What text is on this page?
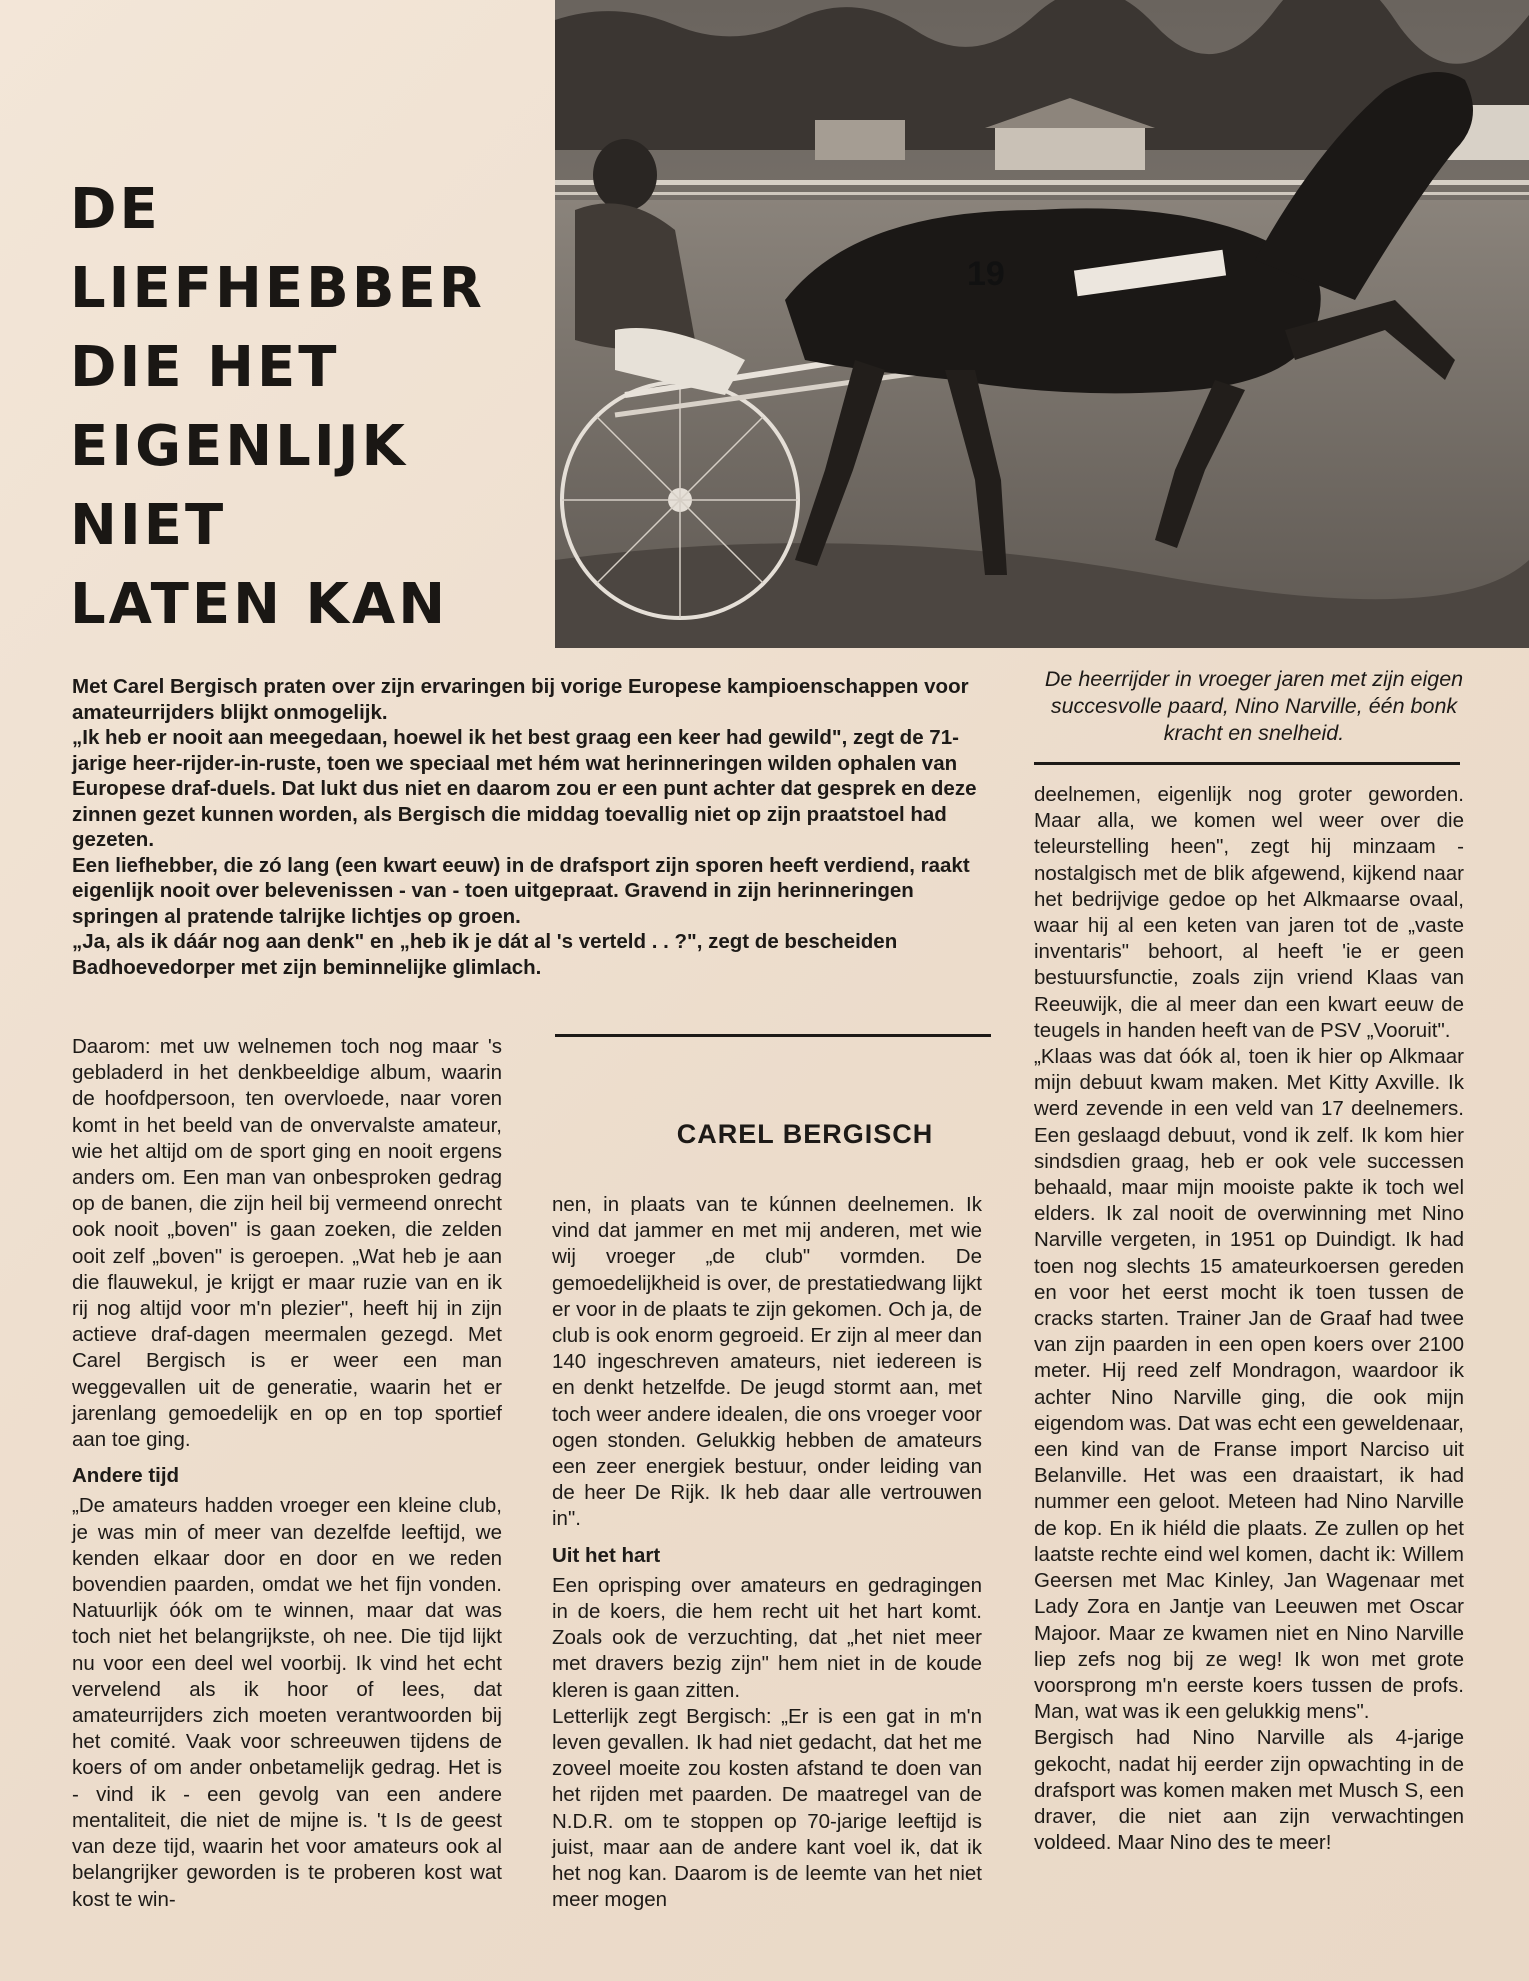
DE
LIEFHEBBER
DIE HET
EIGENLIJK
NIET
LATEN KAN
19

Met Carel Bergisch praten over zijn ervaringen bij vorige Europese kampioenschappen voor amateurrijders blijkt onmogelijk.

„Ik heb er nooit aan meegedaan, hoewel ik het best graag een keer had gewild", zegt de 71-jarige heer-rijder-in-ruste, toen we speciaal met hém wat herinneringen wilden ophalen van Europese draf-duels. Dat lukt dus niet en daarom zou er een punt achter dat gesprek en deze zinnen gezet kunnen worden, als Bergisch die middag toevallig niet op zijn praatstoel had gezeten.

Een liefhebber, die zó lang (een kwart eeuw) in de drafsport zijn sporen heeft verdiend, raakt eigenlijk nooit over belevenissen - van - toen uitgepraat. Gravend in zijn herinneringen springen al pratende talrijke lichtjes op groen.

„Ja, als ik dáár nog aan denk" en „heb ik je dát al 's verteld . . ?", zegt de bescheiden Badhoevedorper met zijn beminnelijke glimlach.

De heerrijder in vroeger jaren met zijn eigen succesvolle paard, Nino Narville, één bonk kracht en snelheid.

CAREL BERGISCH

Daarom: met uw welnemen toch nog maar 's gebladerd in het denkbeeldige album, waarin de hoofdpersoon, ten overvloede, naar voren komt in het beeld van de onvervalste amateur, wie het altijd om de sport ging en nooit ergens anders om. Een man van onbesproken gedrag op de banen, die zijn heil bij vermeend onrecht ook nooit „boven" is gaan zoeken, die zelden ooit zelf „boven" is geroepen. „Wat heb je aan die flauwekul, je krijgt er maar ruzie van en ik rij nog altijd voor m'n plezier", heeft hij in zijn actieve draf-dagen meermalen gezegd. Met Carel Bergisch is er weer een man weggevallen uit de generatie, waarin het er jarenlang gemoedelijk en op en top sportief aan toe ging.

Andere tijd

„De amateurs hadden vroeger een kleine club, je was min of meer van dezelfde leeftijd, we kenden elkaar door en door en we reden bovendien paarden, omdat we het fijn vonden. Natuurlijk óók om te winnen, maar dat was toch niet het belangrijkste, oh nee. Die tijd lijkt nu voor een deel wel voorbij. Ik vind het echt vervelend als ik hoor of lees, dat amateurrijders zich moeten verantwoorden bij het comité. Vaak voor schreeuwen tijdens de koers of om ander onbetamelijk gedrag. Het is - vind ik - een gevolg van een andere mentaliteit, die niet de mijne is. 't Is de geest van deze tijd, waarin het voor amateurs ook al belangrijker geworden is te proberen kost wat kost te win-

nen, in plaats van te kúnnen deelnemen. Ik vind dat jammer en met mij anderen, met wie wij vroeger „de club" vormden. De gemoedelijkheid is over, de prestatiedwang lijkt er voor in de plaats te zijn gekomen. Och ja, de club is ook enorm gegroeid. Er zijn al meer dan 140 ingeschreven amateurs, niet iedereen is en denkt hetzelfde. De jeugd stormt aan, met toch weer andere idealen, die ons vroeger voor ogen stonden. Gelukkig hebben de amateurs een zeer energiek bestuur, onder leiding van de heer De Rijk. Ik heb daar alle vertrouwen in".

Uit het hart

Een oprisping over amateurs en gedragingen in de koers, die hem recht uit het hart komt. Zoals ook de verzuchting, dat „het niet meer met dravers bezig zijn" hem niet in de koude kleren is gaan zitten.

Letterlijk zegt Bergisch: „Er is een gat in m'n leven gevallen. Ik had niet gedacht, dat het me zoveel moeite zou kosten afstand te doen van het rijden met paarden. De maatregel van de N.D.R. om te stoppen op 70-jarige leeftijd is juist, maar aan de andere kant voel ik, dat ik het nog kan. Daarom is de leemte van het niet meer mogen

deelnemen, eigenlijk nog groter geworden. Maar alla, we komen wel weer over die teleurstelling heen", zegt hij minzaam - nostalgisch met de blik afgewend, kijkend naar het bedrijvige gedoe op het Alkmaarse ovaal, waar hij al een keten van jaren tot de „vaste inventaris" behoort, al heeft 'ie er geen bestuursfunctie, zoals zijn vriend Klaas van Reeuwijk, die al meer dan een kwart eeuw de teugels in handen heeft van de PSV „Vooruit".

„Klaas was dat óók al, toen ik hier op Alkmaar mijn debuut kwam maken. Met Kitty Axville. Ik werd zevende in een veld van 17 deelnemers. Een geslaagd debuut, vond ik zelf. Ik kom hier sindsdien graag, heb er ook vele successen behaald, maar mijn mooiste pakte ik toch wel elders. Ik zal nooit de overwinning met Nino Narville vergeten, in 1951 op Duindigt. Ik had toen nog slechts 15 amateurkoersen gereden en voor het eerst mocht ik toen tussen de cracks starten. Trainer Jan de Graaf had twee van zijn paarden in een open koers over 2100 meter. Hij reed zelf Mondragon, waardoor ik achter Nino Narville ging, die ook mijn eigendom was. Dat was echt een geweldenaar, een kind van de Franse import Narciso uit Belanville. Het was een draaistart, ik had nummer een geloot. Meteen had Nino Narville de kop. En ik hiéld die plaats. Ze zullen op het laatste rechte eind wel komen, dacht ik: Willem Geersen met Mac Kinley, Jan Wagenaar met Lady Zora en Jantje van Leeuwen met Oscar Majoor. Maar ze kwamen niet en Nino Narville liep zefs nog bij ze weg! Ik won met grote voorsprong m'n eerste koers tussen de profs. Man, wat was ik een gelukkig mens".

Bergisch had Nino Narville als 4-jarige gekocht, nadat hij eerder zijn opwachting in de drafsport was komen maken met Musch S, een draver, die niet aan zijn verwachtingen voldeed. Maar Nino des te meer!
